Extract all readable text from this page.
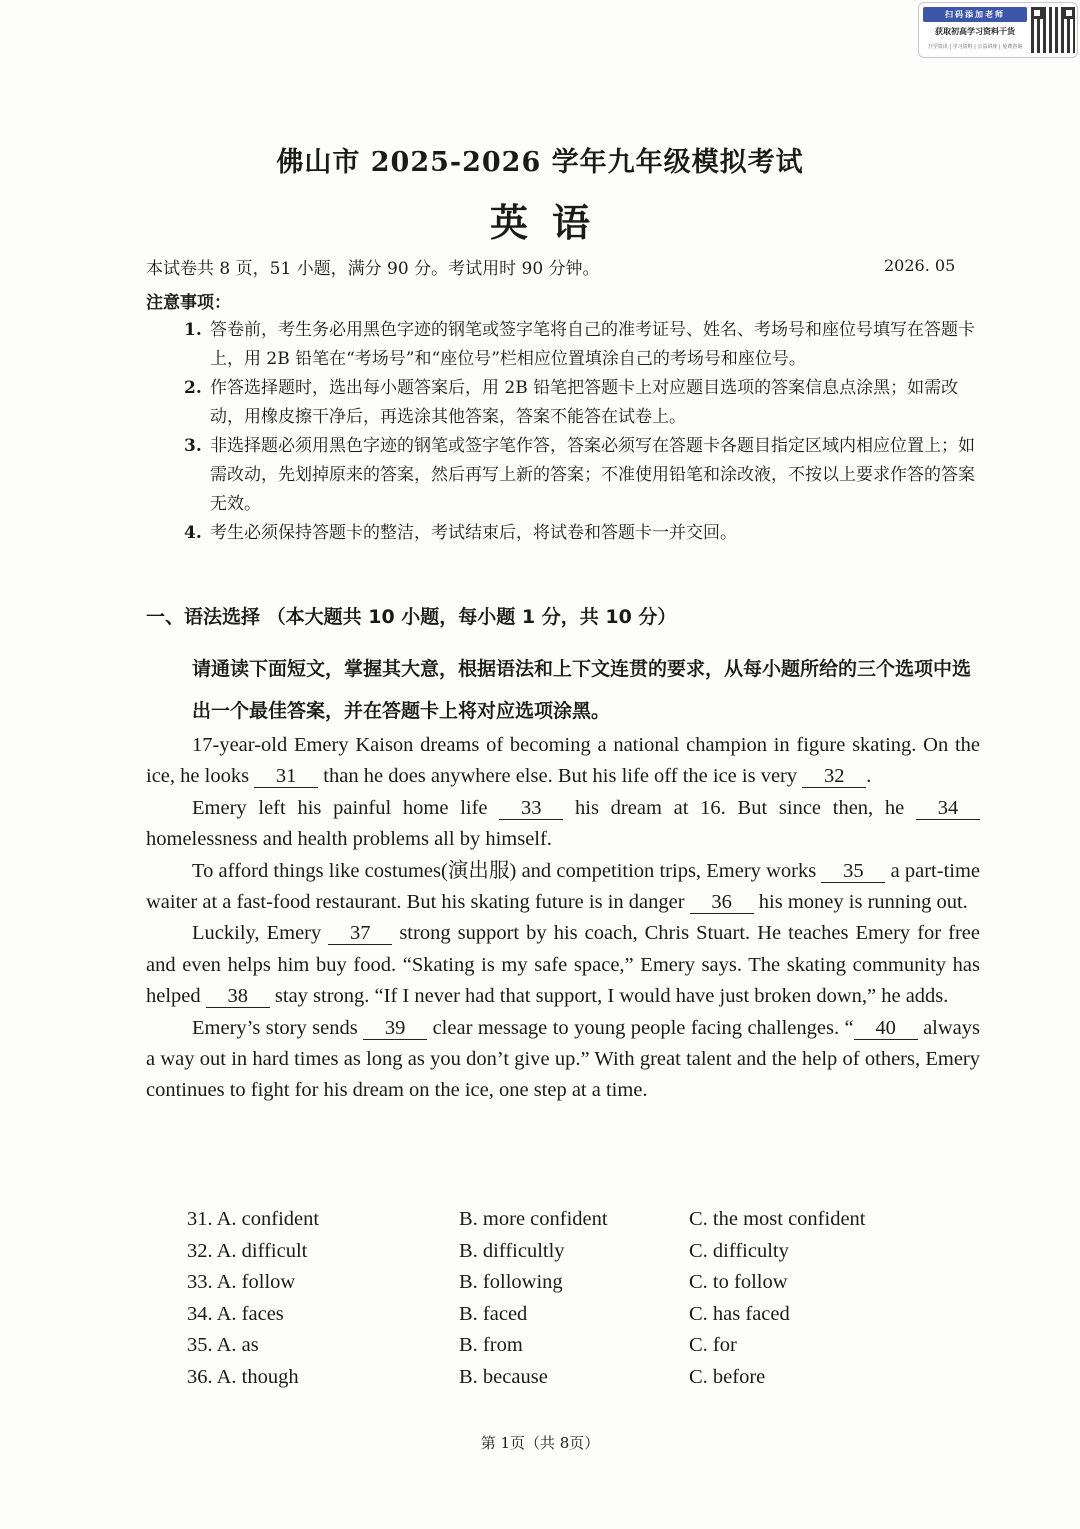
扫码添加老师
获取初高学习资料干货
升学资讯 | 学习资料 | 公益讲座 | 免费咨询
佛山市 2025-2026 学年九年级模拟考试
英语
本试卷共 8 页，51 小题，满分 90 分。考试用时 90 分钟。	2026. 05
注意事项：
1. 答卷前，考生务必用黑色字迹的钢笔或签字笔将自己的准考证号、姓名、考场号和座位号填写在答题卡上，用 2B 铅笔在“考场号”和“座位号”栏相应位置填涂自己的考场号和座位号。
2. 作答选择题时，选出每小题答案后，用 2B 铅笔把答题卡上对应题目选项的答案信息点涂黑；如需改动，用橡皮擦干净后，再选涂其他答案，答案不能答在试卷上。
3. 非选择题必须用黑色字迹的钢笔或签字笔作答，答案必须写在答题卡各题目指定区域内相应位置上；如需改动，先划掉原来的答案，然后再写上新的答案；不准使用铅笔和涂改液，不按以上要求作答的答案无效。
4. 考生必须保持答题卡的整洁，考试结束后，将试卷和答题卡一并交回。
一、语法选择 （本大题共 10 小题，每小题 1 分，共 10 分）
请通读下面短文，掌握其大意，根据语法和上下文连贯的要求，从每小题所给的三个选项中选出一个最佳答案，并在答题卡上将对应选项涂黑。

17-year-old Emery Kaison dreams of becoming a national champion in figure skating. On the ice, he looks 31 than he does anywhere else. But his life off the ice is very 32 .

Emery left his painful home life 33 his dream at 16. But since then, he 34 homelessness and health problems all by himself.

To afford things like costumes(演出服) and competition trips, Emery works 35 a part-time waiter at a fast-food restaurant. But his skating future is in danger 36 his money is running out.

Luckily, Emery 37 strong support by his coach, Chris Stuart. He teaches Emery for free and even helps him buy food. “Skating is my safe space,” Emery says. The skating community has helped 38 stay strong. “If I never had that support, I would have just broken down,” he adds.

Emery’s story sends 39 clear message to young people facing challenges. “ 40 always a way out in hard times as long as you don’t give up.” With great talent and the help of others, Emery continues to fight for his dream on the ice, one step at a time.

31. A. confident	B. more confident	C. the most confident
32. A. difficult	B. difficultly	C. difficulty
33. A. follow	B. following	C. to follow
34. A. faces	B. faced	C. has faced
35. A. as	B. from	C. for
36. A. though	B. because	C. before
第 1页（共 8页）
